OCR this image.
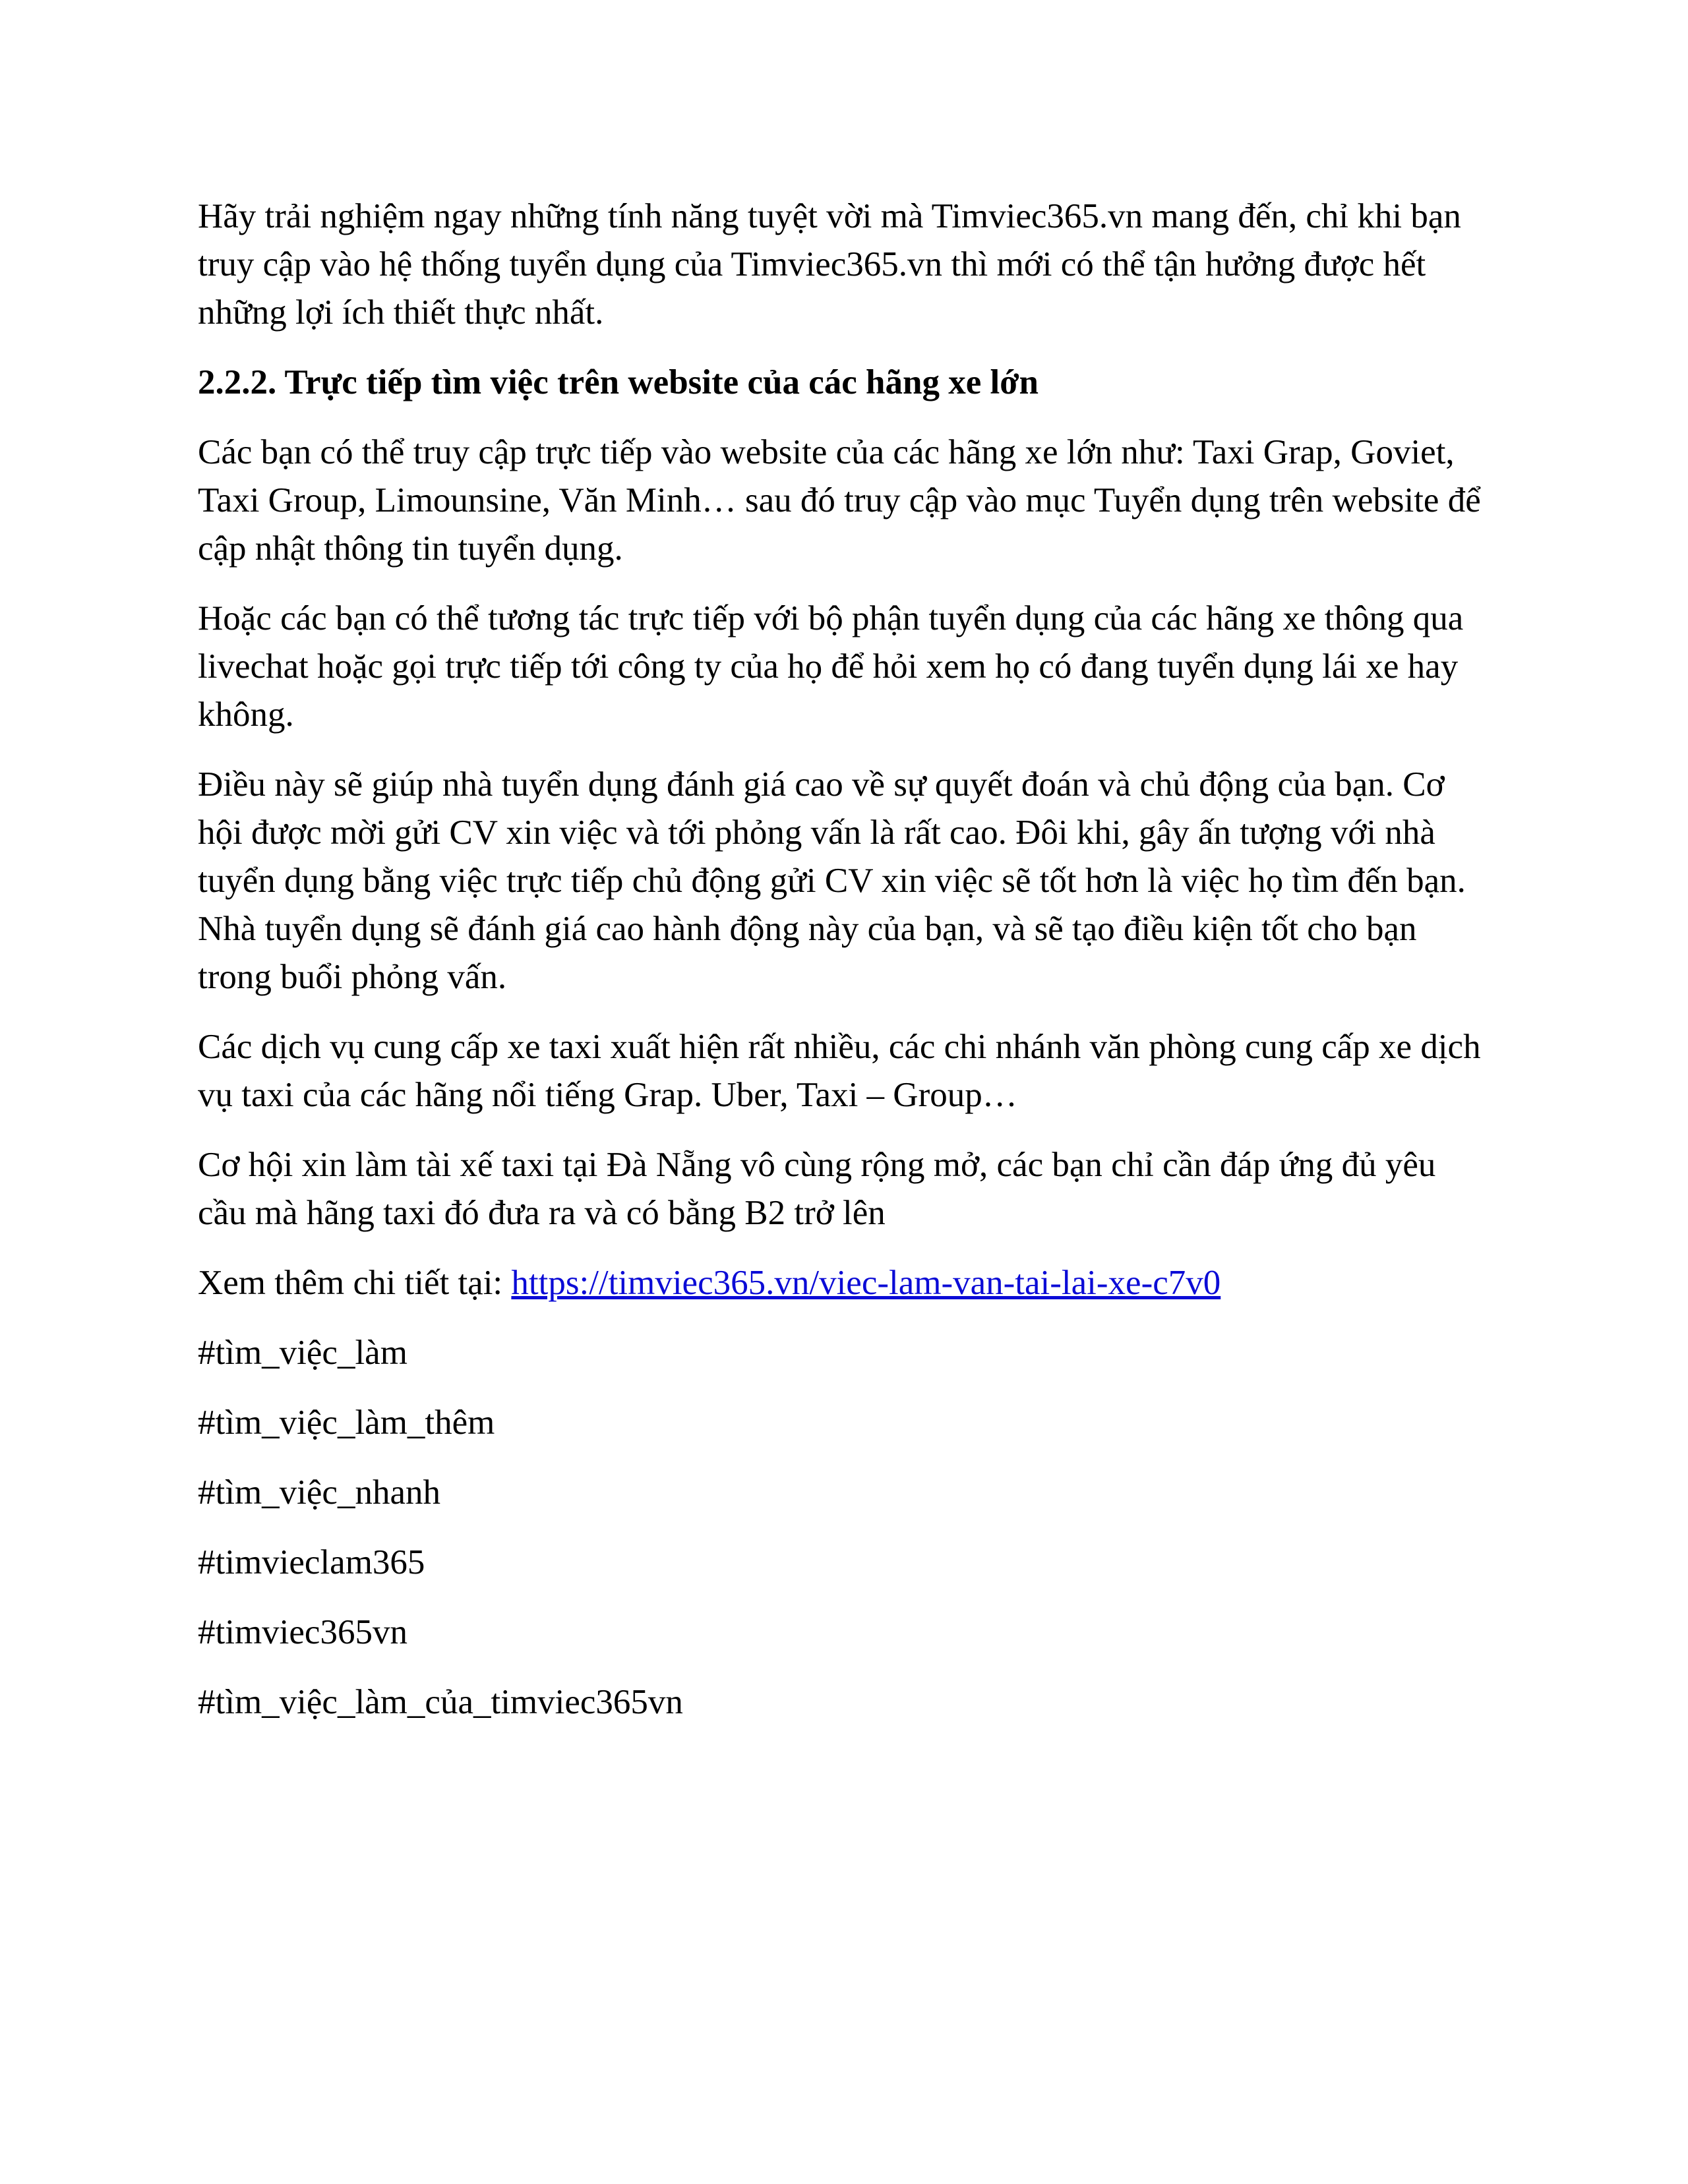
Hãy trải nghiệm ngay những tính năng tuyệt vời mà Timviec365.vn mang đến, chỉ khi bạn truy cập vào hệ thống tuyển dụng của Timviec365.vn thì mới có thể tận hưởng được hết những lợi ích thiết thực nhất.

2.2.2. Trực tiếp tìm việc trên website của các hãng xe lớn

Các bạn có thể truy cập trực tiếp vào website của các hãng xe lớn như: Taxi Grap, Goviet, Taxi Group, Limounsine, Văn Minh… sau đó truy cập vào mục Tuyển dụng trên website để cập nhật thông tin tuyển dụng.

Hoặc các bạn có thể tương tác trực tiếp với bộ phận tuyển dụng của các hãng xe thông qua livechat hoặc gọi trực tiếp tới công ty của họ để hỏi xem họ có đang tuyển dụng lái xe hay không.

Điều này sẽ giúp nhà tuyển dụng đánh giá cao về sự quyết đoán và chủ động của bạn. Cơ hội được mời gửi CV xin việc và tới phỏng vấn là rất cao. Đôi khi, gây ấn tượng với nhà tuyển dụng bằng việc trực tiếp chủ động gửi CV xin việc sẽ tốt hơn là việc họ tìm đến bạn. Nhà tuyển dụng sẽ đánh giá cao hành động này của bạn, và sẽ tạo điều kiện tốt cho bạn trong buổi phỏng vấn.

Các dịch vụ cung cấp xe taxi xuất hiện rất nhiều, các chi nhánh văn phòng cung cấp xe dịch vụ taxi của các hãng nổi tiếng Grap. Uber, Taxi – Group…

Cơ hội xin làm tài xế taxi tại Đà Nẵng vô cùng rộng mở, các bạn chỉ cần đáp ứng đủ yêu cầu mà hãng taxi đó đưa ra và có bằng B2 trở lên

Xem thêm chi tiết tại: https://timviec365.vn/viec-lam-van-tai-lai-xe-c7v0

#tìm_việc_làm

#tìm_việc_làm_thêm

#tìm_việc_nhanh

#timvieclam365

#timviec365vn

#tìm_việc_làm_của_timviec365vn
